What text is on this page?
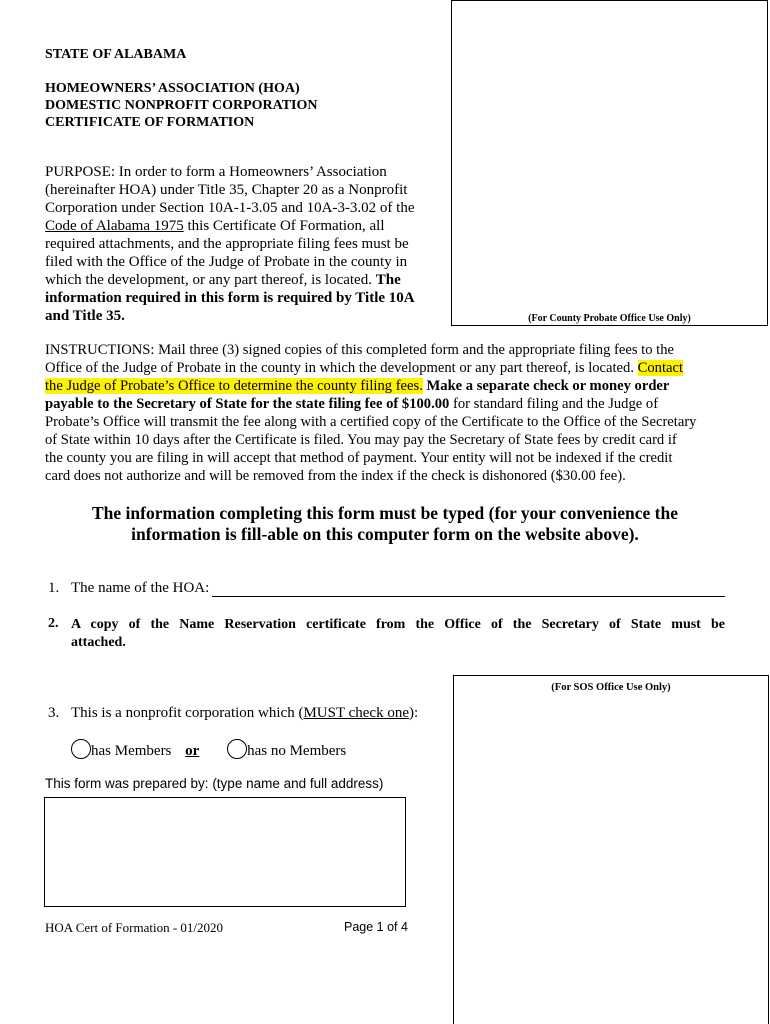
(For County Probate Office Use Only)
STATE OF ALABAMA
HOMEOWNERS’ ASSOCIATION (HOA)
DOMESTIC NONPROFIT CORPORATION
CERTIFICATE OF FORMATION
PURPOSE: In order to form a Homeowners’ Association
(hereinafter HOA) under Title 35, Chapter 20 as a Nonprofit
Corporation under Section 10A-1-3.05 and 10A-3-3.02 of the
Code of Alabama 1975 this Certificate Of Formation, all
required attachments, and the appropriate filing fees must be
filed with the Office of the Judge of Probate in the county in
which the development, or any part thereof, is located. The
information required in this form is required by Title 10A
and Title 35.
INSTRUCTIONS: Mail three (3) signed copies of this completed form and the appropriate filing fees to the
Office of the Judge of Probate in the county in which the development or any part thereof, is located. Contact
the Judge of Probate’s Office to determine the county filing fees. Make a separate check or money order
payable to the Secretary of State for the state filing fee of $100.00 for standard filing and the Judge of
Probate’s Office will transmit the fee along with a certified copy of the Certificate to the Office of the Secretary
of State within 10 days after the Certificate is filed. You may pay the Secretary of State fees by credit card if
the county you are filing in will accept that method of payment. Your entity will not be indexed if the credit
card does not authorize and will be removed from the index if the check is dishonored ($30.00 fee).
The information completing this form must be typed (for your convenience the
information is fill-able on this computer form on the website above).
1. The name of the HOA:
2. A copy of the Name Reservation certificate from the Office of the Secretary of State must be
attached.
(For SOS Office Use Only)
3. This is a nonprofit corporation which (MUST check one):
has Members or	has no Members
This form was prepared by: (type name and full address)
HOA Cert of Formation - 01/2020	Page 1 of 4
